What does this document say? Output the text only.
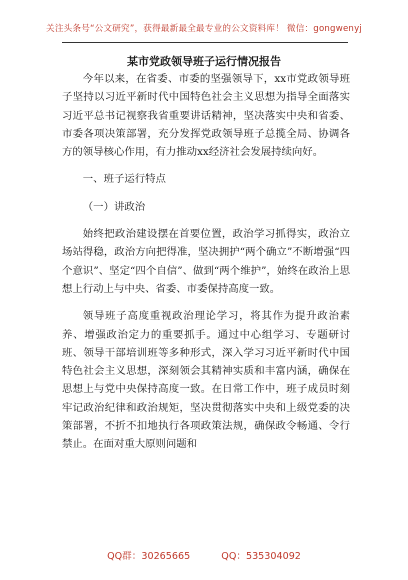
关注头条号“公文研究”，获得最新最全最专业的公文资料库！ 微信：gongwenyj
某市党政领导班子运行情况报告

今年以来，在省委、市委的坚强领导下，xx市党政领导班子坚持以习近平新时代中国特色社会主义思想为指导全面落实习近平总书记视察我省重要讲话精神，坚决落实中央和省委、市委各项决策部署，充分发挥党政领导班子总揽全局、协调各方的领导核心作用，有力推动xx经济社会发展持续向好。

一、班子运行特点

（一）讲政治

始终把政治建设摆在首要位置，政治学习抓得实，政治立场站得稳，政治方向把得准，坚决拥护“两个确立”不断增强“四个意识”、坚定“四个自信”、做到“两个维护”，始终在政治上思想上行动上与中央、省委、市委保持高度一致。

领导班子高度重视政治理论学习，将其作为提升政治素养、增强政治定力的重要抓手。通过中心组学习、专题研讨班、领导干部培训班等多种形式，深入学习习近平新时代中国特色社会主义思想，深刻领会其精神实质和丰富内涵，确保在思想上与党中央保持高度一致。在日常工作中，班子成员时刻牢记政治纪律和政治规矩，坚决贯彻落实中央和上级党委的决策部署，不折不扣地执行各项政策法规，确保政令畅通、令行禁止。在面对重大原则问题和

QQ群：30265665	QQ：535304092
